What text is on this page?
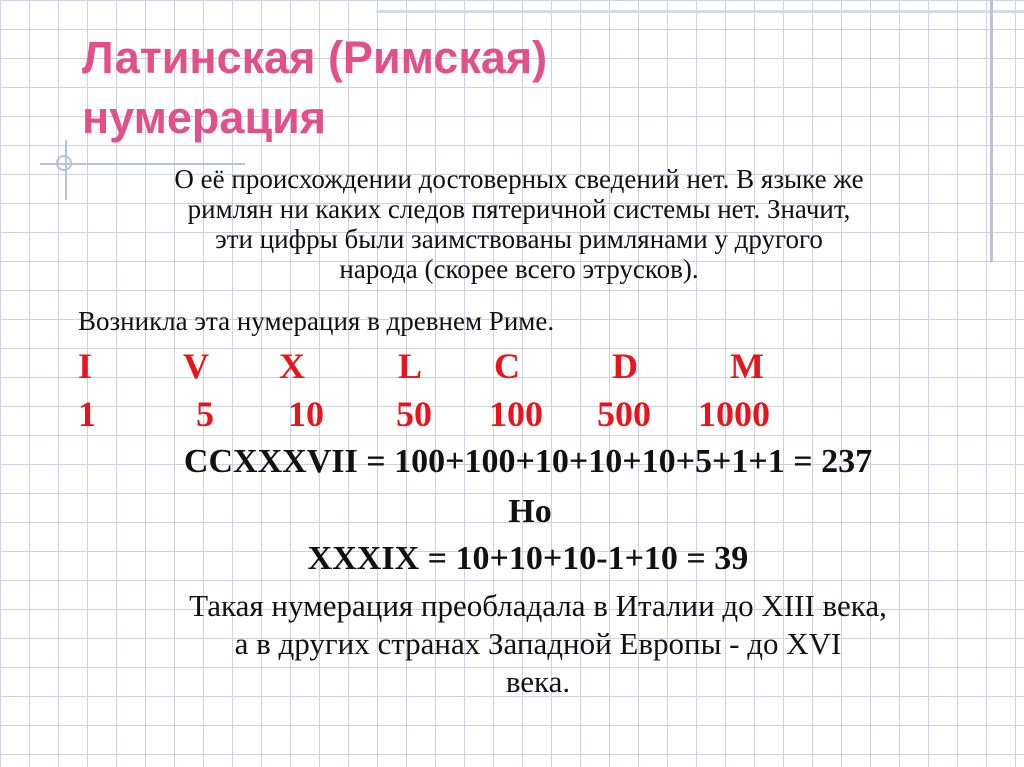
Латинская (Римская)
нумерация
О её происхождении достоверных сведений нет. В языке же
римлян ни каких следов пятеричной системы нет. Значит,
эти цифры были заимствованы римлянами у другого
народа (скорее всего этрусков).
Возникла эта нумерация в древнем Риме.
I	V X	L C	D	M
1	5 10 50 100 500 1000
CCXXXVII = 100+100+10+10+10+5+1+1 = 237
Но
XXXIX = 10+10+10-1+10 = 39
Такая нумерация преобладала в Италии до XIII века,
а в других странах Западной Европы - до XVI
века.
